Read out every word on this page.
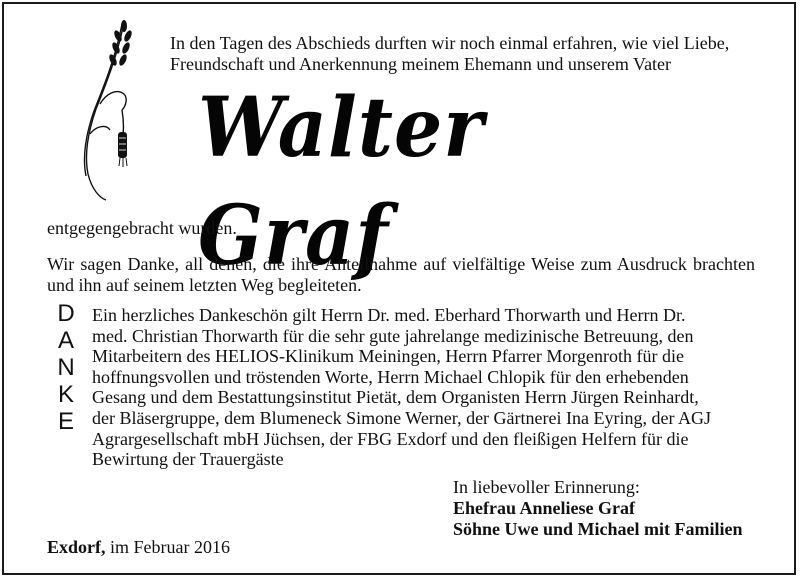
In den Tagen des Abschieds durften wir noch einmal erfahren, wie viel Liebe, Freundschaft und Anerkennung meinem Ehemann und unserem Vater

Walter Graf

entgegengebracht wurden.

Wir sagen Danke, all denen, die ihre Anteilnahme auf vielfältige Weise zum Ausdruck brachten und ihn auf seinem letzten Weg begleiteten.

D
A
N
K
E

Ein herzliches Dankeschön gilt Herrn Dr. med. Eberhard Thorwarth und Herrn Dr. med. Christian Thorwarth für die sehr gute jahrelange medizinische Betreuung, den Mitarbeitern des HELIOS-Klinikum Meiningen, Herrn Pfarrer Morgenroth für die hoffnungsvollen und tröstenden Worte, Herrn Michael Chlopik für den erhebenden Gesang und dem Bestattungsinstitut Pietät, dem Organisten Herrn Jürgen Reinhardt, der Bläsergruppe, dem Blumeneck Simone Werner, der Gärtnerei Ina Eyring, der AGJ Agrargesellschaft mbH Jüchsen, der FBG Exdorf und den fleißigen Helfern für die Bewirtung der Trauergäste

In liebevoller Erinnerung:
Ehefrau Anneliese Graf
Söhne Uwe und Michael mit Familien
Exdorf, im Februar 2016
